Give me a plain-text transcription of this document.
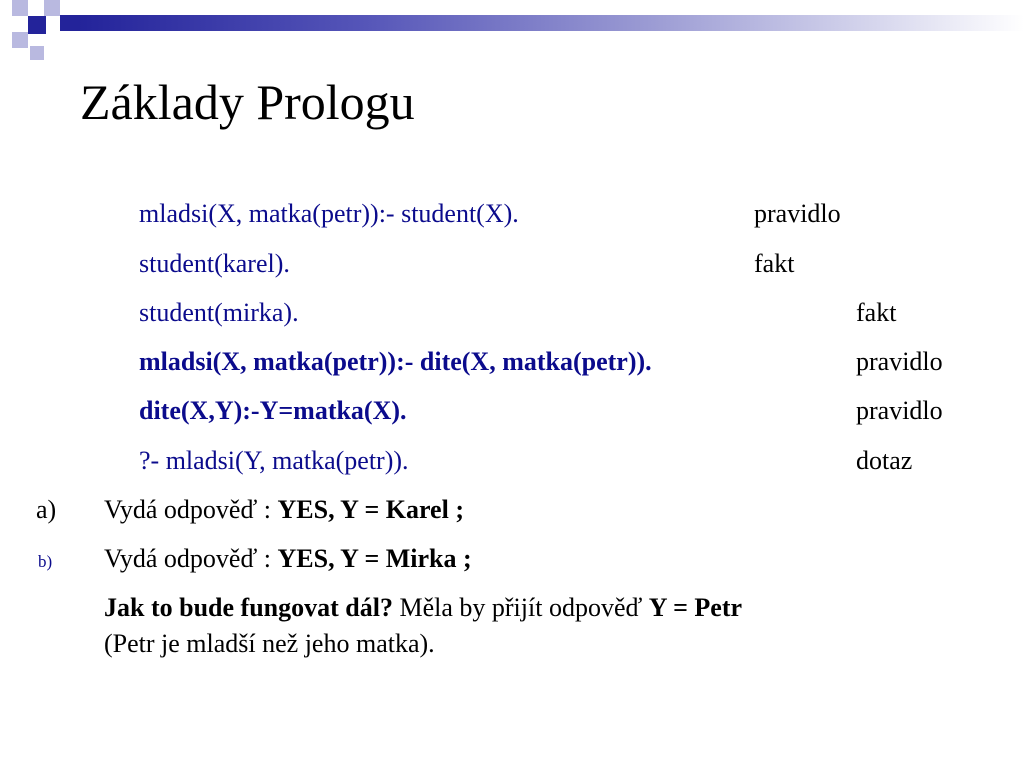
Základy Prologu
mladsi(X, matka(petr)):- student(X).	pravidlo
student(karel).	fakt
student(mirka).	fakt
mladsi(X, matka(petr)):- dite(X, matka(petr)).	pravidlo
dite(X,Y):-Y=matka(X).	pravidlo
?- mladsi(Y, matka(petr)).	dotaz
a) Vydá odpověď : YES, Y = Karel ;
b) Vydá odpověď : YES, Y = Mirka ;
Jak to bude fungovat dál? Měla by přijít odpověď Y = Petr
(Petr je mladší než jeho matka).
